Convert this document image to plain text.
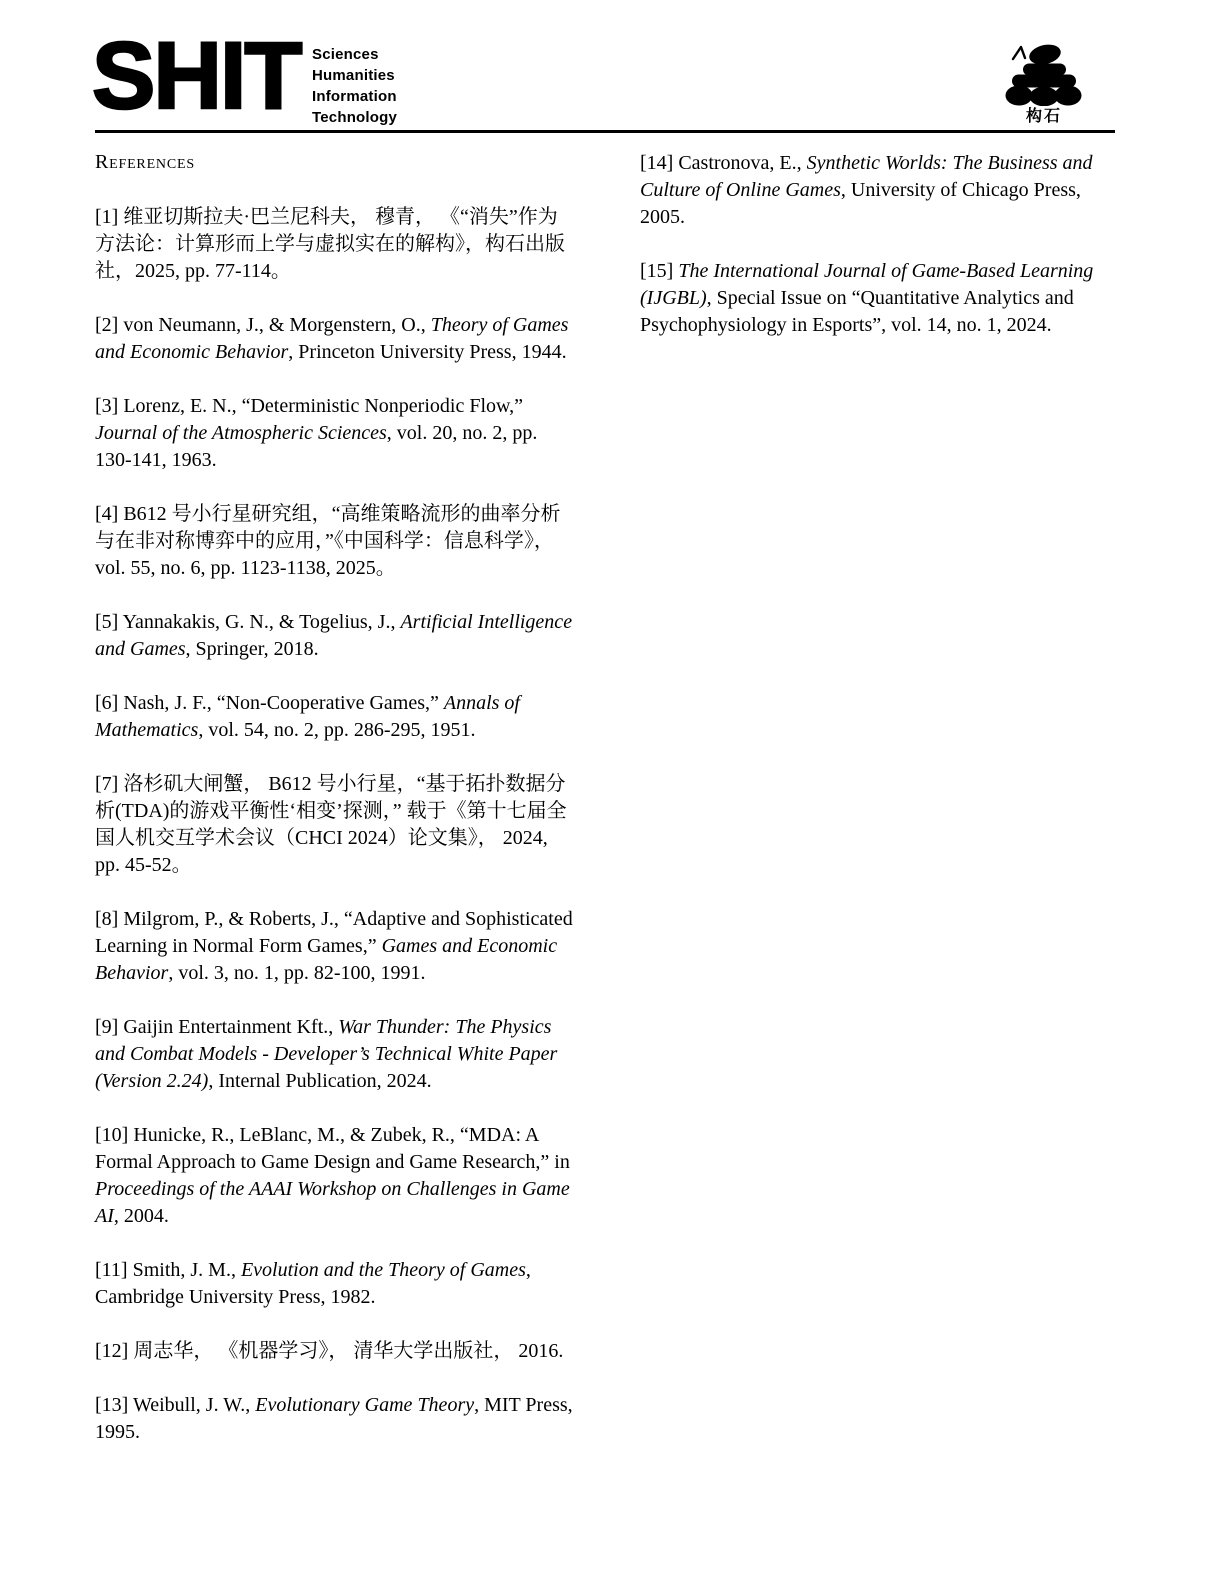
SHIT Sciences
Humanities
Information
Technology	构石
References

[1] 维亚切斯拉夫·巴兰尼科夫， 穆青， 《“消失”作为方法论：计算形而上学与虚拟实在的解构》，构石出版社，2025, pp. 77-114。

[2] von Neumann, J., & Morgenstern, O., Theory of Games and Economic Behavior, Princeton University Press, 1944.

[3] Lorenz, E. N., “Deterministic Nonperiodic Flow,” Journal of the Atmospheric Sciences, vol. 20, no. 2, pp. 130-141, 1963.

[4] B612 号小行星研究组，“高维策略流形的曲率分析与在非对称博弈中的应用，”《中国科学：信息科学》， vol. 55, no. 6, pp. 1123-1138, 2025。

[5] Yannakakis, G. N., & Togelius, J., Artificial Intelligence and Games, Springer, 2018.

[6] Nash, J. F., “Non-Cooperative Games,” Annals of Mathematics, vol. 54, no. 2, pp. 286-295, 1951.

[7] 洛杉矶大闸蟹， B612 号小行星，“基于拓扑数据分析(TDA)的游戏平衡性‘相变’探测，” 载于《第十七届全国人机交互学术会议（CHCI 2024）论文集》， 2024, pp. 45-52。

[8] Milgrom, P., & Roberts, J., “Adaptive and Sophisticated Learning in Normal Form Games,” Games and Economic Behavior, vol. 3, no. 1, pp. 82-100, 1991.

[9] Gaijin Entertainment Kft., War Thunder: The Physics and Combat Models - Developer’s Technical White Paper (Version 2.24), Internal Publication, 2024.

[10] Hunicke, R., LeBlanc, M., & Zubek, R., “MDA: A Formal Approach to Game Design and Game Research,” in Proceedings of the AAAI Workshop on Challenges in Game AI, 2004.

[11] Smith, J. M., Evolution and the Theory of Games, Cambridge University Press, 1982.

[12] 周志华， 《机器学习》， 清华大学出版社， 2016.

[13] Weibull, J. W., Evolutionary Game Theory, MIT Press, 1995.

[14] Castronova, E., Synthetic Worlds: The Business and Culture of Online Games, University of Chicago Press, 2005.

[15] The International Journal of Game-Based Learning (IJGBL), Special Issue on “Quantitative Analytics and Psychophysiology in Esports”, vol. 14, no. 1, 2024.
